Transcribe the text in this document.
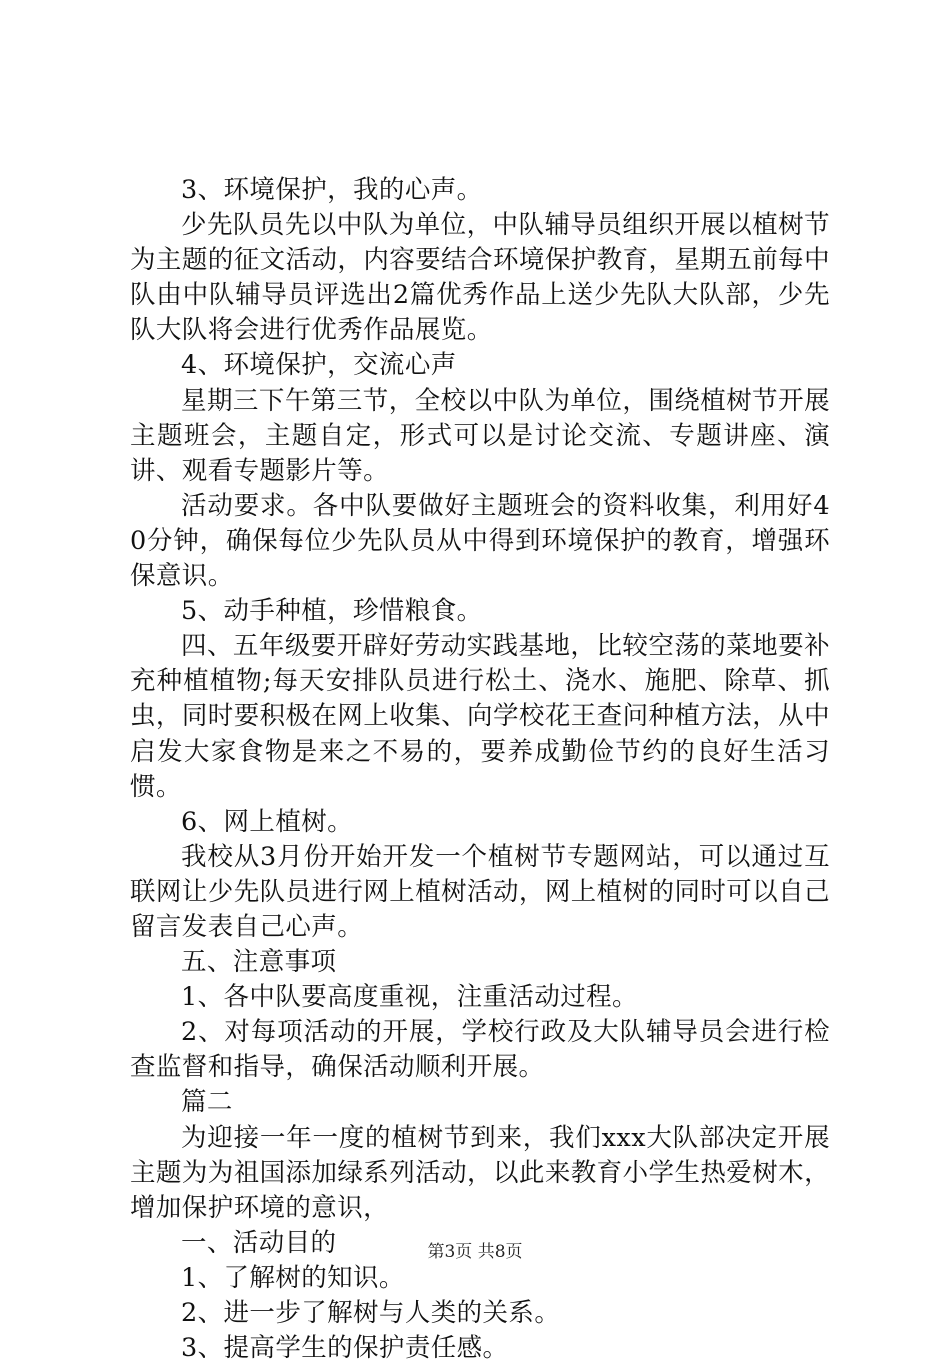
3、环境保护，我的心声。

少先队员先以中队为单位，中队辅导员组织开展以植树节为主题的征文活动，内容要结合环境保护教育，星期五前每中队由中队辅导员评选出2篇优秀作品上送少先队大队部，少先队大队将会进行优秀作品展览。

4、环境保护，交流心声

星期三下午第三节，全校以中队为单位，围绕植树节开展主题班会，主题自定，形式可以是讨论交流、专题讲座、演讲、观看专题影片等。

活动要求。各中队要做好主题班会的资料收集，利用好40分钟，确保每位少先队员从中得到环境保护的教育，增强环保意识。

5、动手种植，珍惜粮食。

四、五年级要开辟好劳动实践基地，比较空荡的菜地要补充种植植物;每天安排队员进行松土、浇水、施肥、除草、抓虫，同时要积极在网上收集、向学校花王查问种植方法，从中启发大家食物是来之不易的，要养成勤俭节约的良好生活习惯。

6、网上植树。

我校从3月份开始开发一个植树节专题网站，可以通过互联网让少先队员进行网上植树活动，网上植树的同时可以自己留言发表自己心声。

五、注意事项

1、各中队要高度重视，注重活动过程。

2、对每项活动的开展，学校行政及大队辅导员会进行检查监督和指导，确保活动顺利开展。

篇二

为迎接一年一度的植树节到来，我们xxx大队部决定开展主题为为祖国添加绿系列活动，以此来教育小学生热爱树木，增加保护环境的意识，

一、活动目的

1、了解树的知识。

2、进一步了解树与人类的关系。

3、提高学生的保护责任感。

第3页 共8页
